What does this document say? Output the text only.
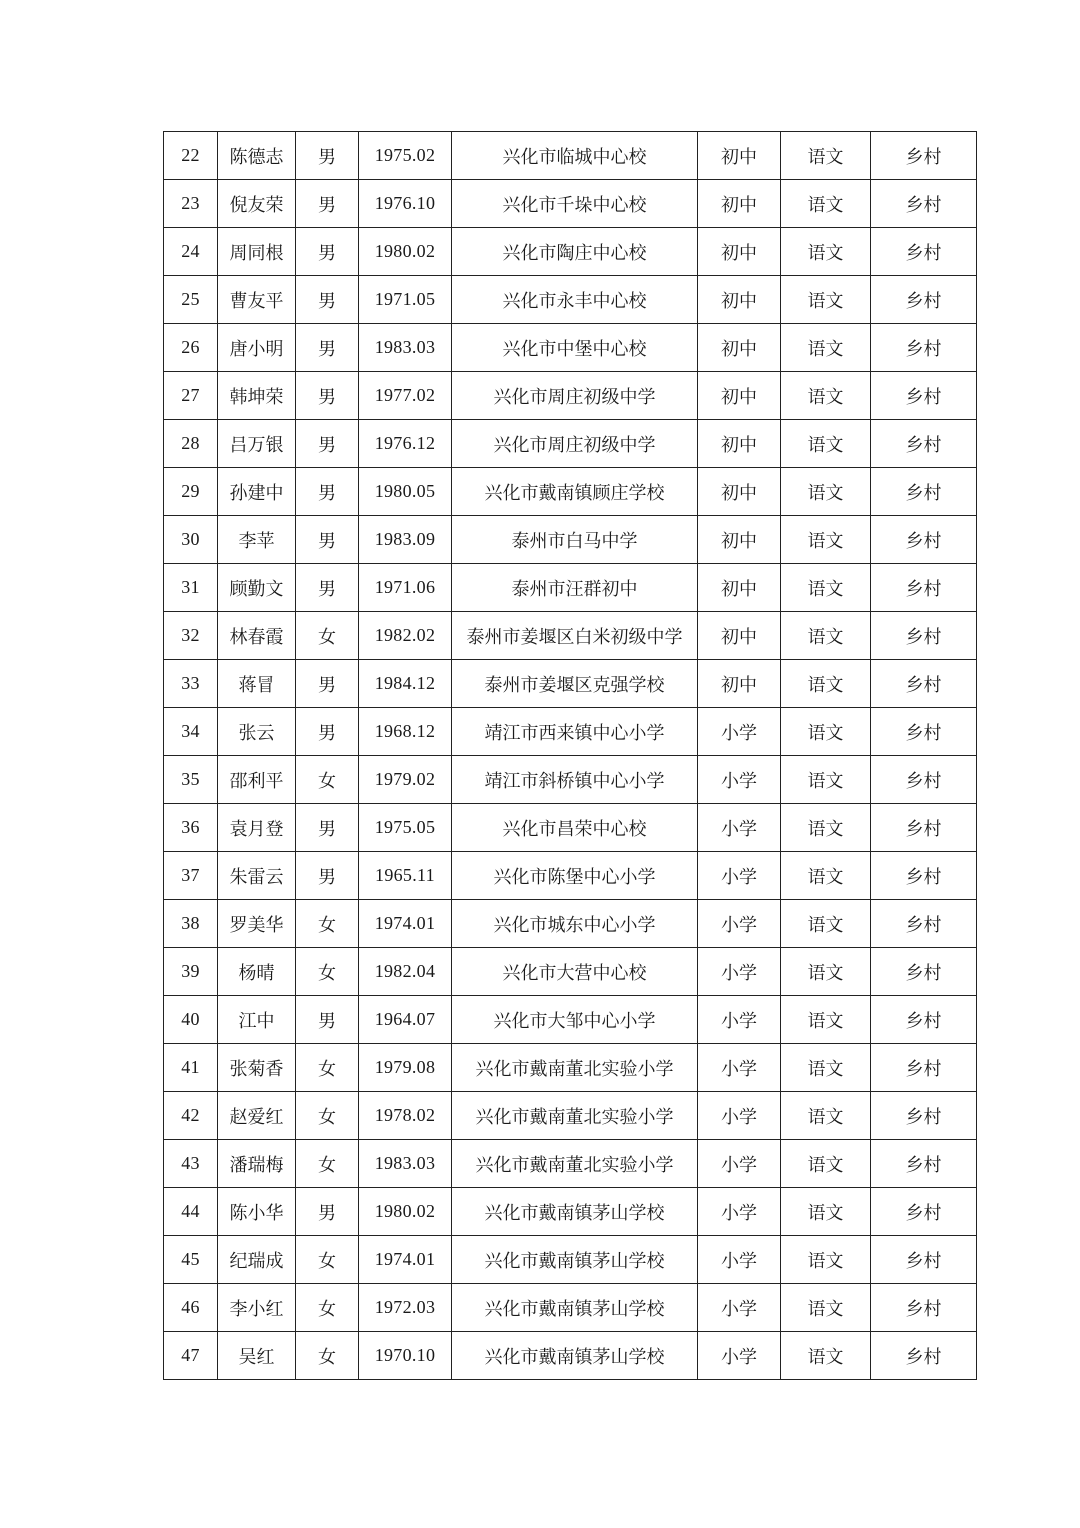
22	陈德志	男	1975.02	兴化市临城中心校	初中	语文	乡村
23	倪友荣	男	1976.10	兴化市千垛中心校	初中	语文	乡村
24	周同根	男	1980.02	兴化市陶庄中心校	初中	语文	乡村
25	曹友平	男	1971.05	兴化市永丰中心校	初中	语文	乡村
26	唐小明	男	1983.03	兴化市中堡中心校	初中	语文	乡村
27	韩坤荣	男	1977.02	兴化市周庄初级中学	初中	语文	乡村
28	吕万银	男	1976.12	兴化市周庄初级中学	初中	语文	乡村
29	孙建中	男	1980.05	兴化市戴南镇顾庄学校	初中	语文	乡村
30	李苹	男	1983.09	泰州市白马中学	初中	语文	乡村
31	顾勤文	男	1971.06	泰州市汪群初中	初中	语文	乡村
32	林春霞	女	1982.02	泰州市姜堰区白米初级中学	初中	语文	乡村
33	蒋冒	男	1984.12	泰州市姜堰区克强学校	初中	语文	乡村
34	张云	男	1968.12	靖江市西来镇中心小学	小学	语文	乡村
35	邵利平	女	1979.02	靖江市斜桥镇中心小学	小学	语文	乡村
36	袁月登	男	1975.05	兴化市昌荣中心校	小学	语文	乡村
37	朱雷云	男	1965.11	兴化市陈堡中心小学	小学	语文	乡村
38	罗美华	女	1974.01	兴化市城东中心小学	小学	语文	乡村
39	杨晴	女	1982.04	兴化市大营中心校	小学	语文	乡村
40	江中	男	1964.07	兴化市大邹中心小学	小学	语文	乡村
41	张菊香	女	1979.08	兴化市戴南董北实验小学	小学	语文	乡村
42	赵爱红	女	1978.02	兴化市戴南董北实验小学	小学	语文	乡村
43	潘瑞梅	女	1983.03	兴化市戴南董北实验小学	小学	语文	乡村
44	陈小华	男	1980.02	兴化市戴南镇茅山学校	小学	语文	乡村
45	纪瑞成	女	1974.01	兴化市戴南镇茅山学校	小学	语文	乡村
46	李小红	女	1972.03	兴化市戴南镇茅山学校	小学	语文	乡村
47	吴红	女	1970.10	兴化市戴南镇茅山学校	小学	语文	乡村
